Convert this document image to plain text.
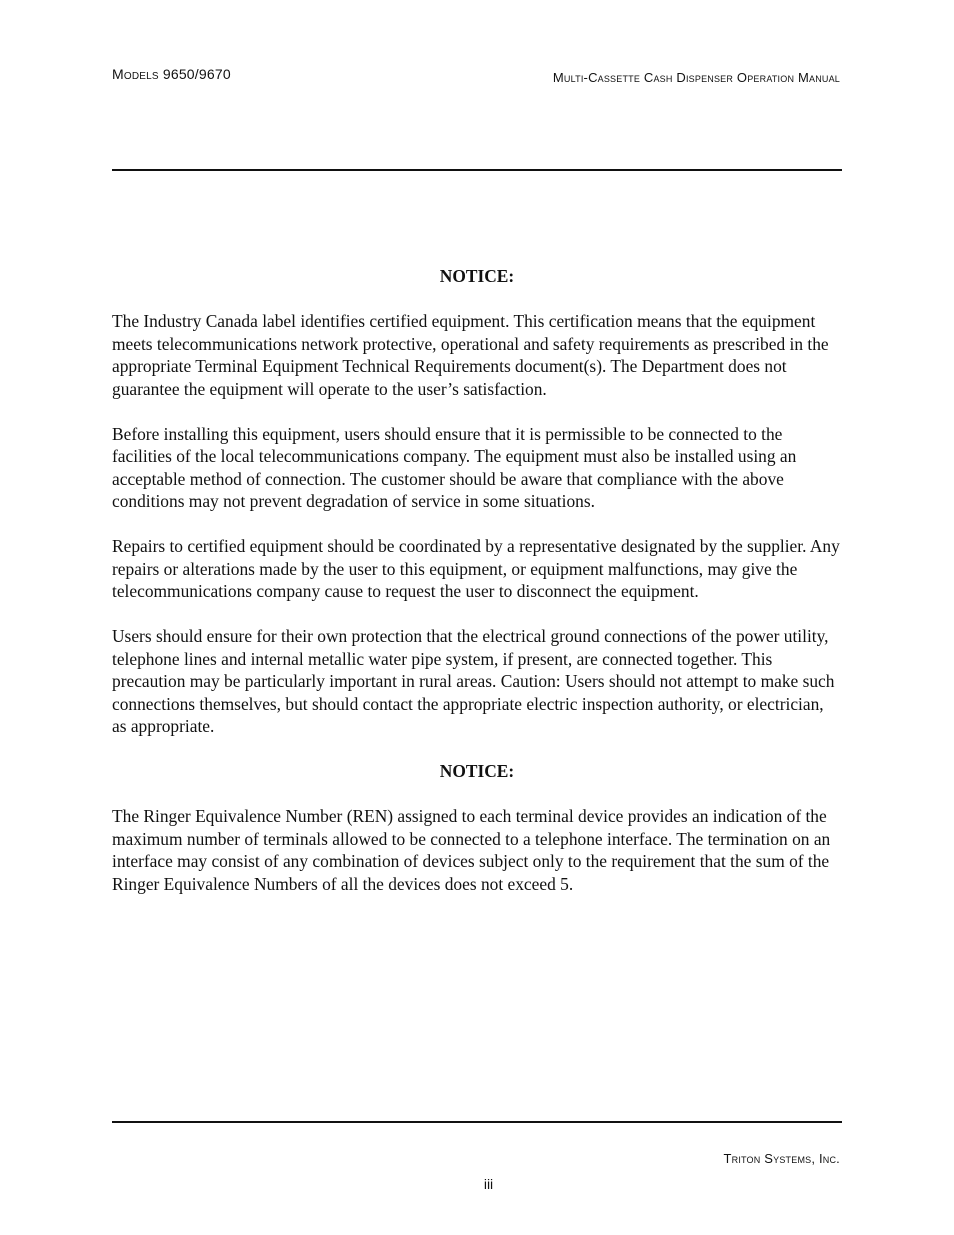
Models 9650/9670	Multi-Cassette Cash Dispenser Operation Manual
NOTICE:

The Industry Canada label identifies certified equipment. This certification means that the equipment meets telecommunications network protective, operational and safety requirements as prescribed in the appropriate Terminal Equipment Technical Requirements document(s). The Department does not guarantee the equipment will operate to the user’s satisfaction.

Before installing this equipment, users should ensure that it is permissible to be connected to the facilities of the local telecommunications company. The equipment must also be installed using an acceptable method of connection. The customer should be aware that compliance with the above conditions may not prevent degradation of service in some situations.

Repairs to certified equipment should be coordinated by a representative designated by the supplier. Any repairs or alterations made by the user to this equipment, or equipment malfunctions, may give the telecommunications company cause to request the user to disconnect the equipment.

Users should ensure for their own protection that the electrical ground connections of the power utility, telephone lines and internal metallic water pipe system, if present, are connected together. This precaution may be particularly important in rural areas. Caution: Users should not attempt to make such connections themselves, but should contact the appropriate electric inspection authority, or electrician, as appropriate.

NOTICE:

The Ringer Equivalence Number (REN) assigned to each terminal device provides an indication of the maximum number of terminals allowed to be connected to a telephone interface. The termination on an interface may consist of any combination of devices subject only to the requirement that the sum of the Ringer Equivalence Numbers of all the devices does not exceed 5.

Triton Systems, Inc.
iii
